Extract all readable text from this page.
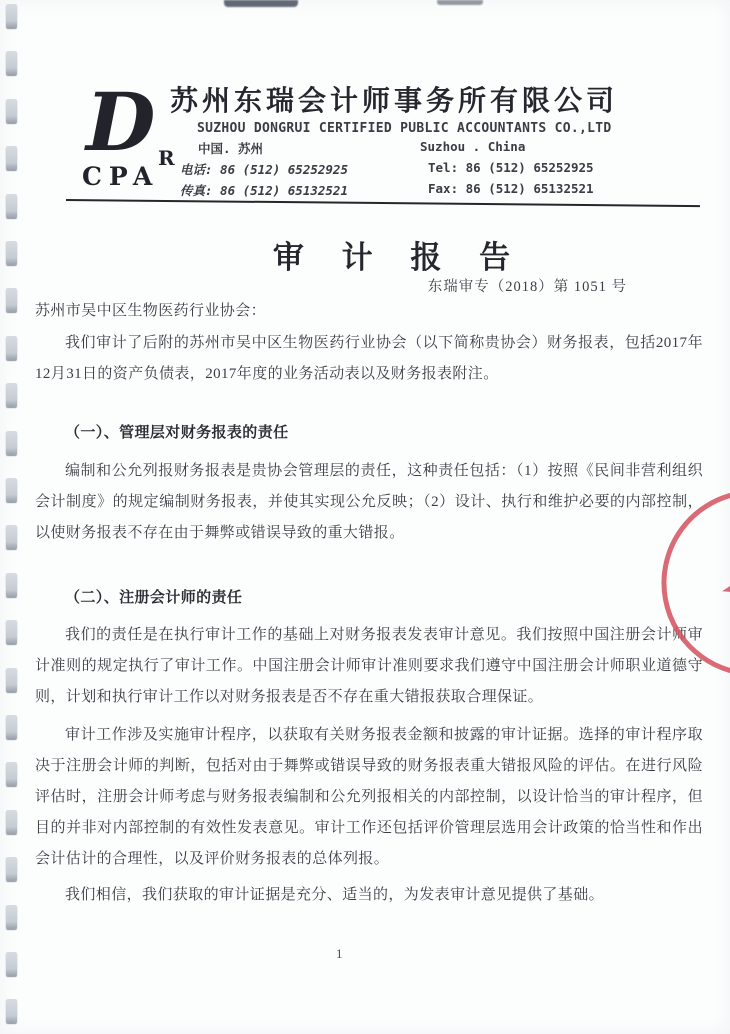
D R
CPA
苏州东瑞会计师事务所有限公司
SUZHOU DONGRUI CERTIFIED PUBLIC ACCOUNTANTS CO.,LTD
中国. 苏州
电话: 86 (512) 65252925
传真: 86 (512) 65132521
Suzhou . China
Tel: 86 (512) 65252925
Fax: 86 (512) 65132521
审 计 报 告
东瑞审专（2018）第 1051 号
苏州市吴中区生物医药行业协会：
我们审计了后附的苏州市吴中区生物医药行业协会（以下简称贵协会）财务报表，包括2017年12月31日的资产负债表，2017年度的业务活动表以及财务报表附注。
（一）、管理层对财务报表的责任
编制和公允列报财务报表是贵协会管理层的责任，这种责任包括：（1）按照《民间非营利组织会计制度》的规定编制财务报表，并使其实现公允反映；（2）设计、执行和维护必要的内部控制，以使财务报表不存在由于舞弊或错误导致的重大错报。
（二）、注册会计师的责任
我们的责任是在执行审计工作的基础上对财务报表发表审计意见。我们按照中国注册会计师审计准则的规定执行了审计工作。中国注册会计师审计准则要求我们遵守中国注册会计师职业道德守则，计划和执行审计工作以对财务报表是否不存在重大错报获取合理保证。
审计工作涉及实施审计程序，以获取有关财务报表金额和披露的审计证据。选择的审计程序取决于注册会计师的判断，包括对由于舞弊或错误导致的财务报表重大错报风险的评估。在进行风险评估时，注册会计师考虑与财务报表编制和公允列报相关的内部控制，以设计恰当的审计程序，但目的并非对内部控制的有效性发表意见。审计工作还包括评价管理层选用会计政策的恰当性和作出会计估计的合理性，以及评价财务报表的总体列报。
我们相信，我们获取的审计证据是充分、适当的，为发表审计意见提供了基础。
1
